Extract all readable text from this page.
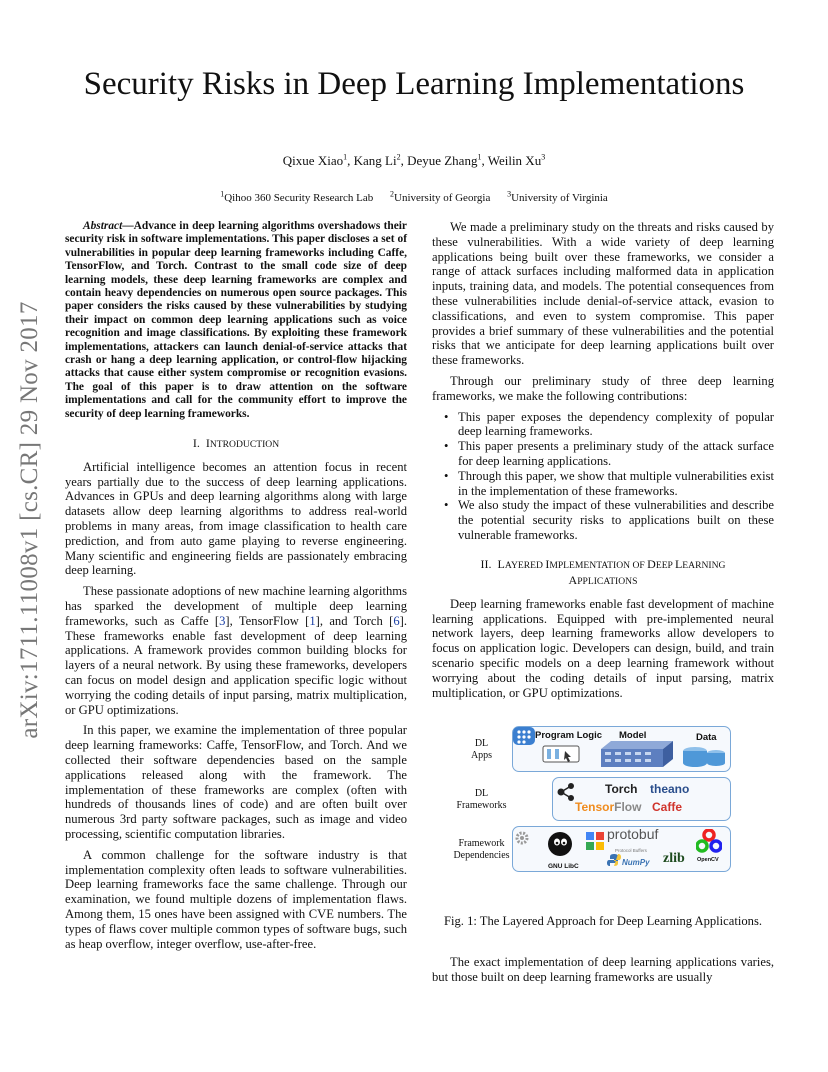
arXiv:1711.11008v1 [cs.CR] 29 Nov 2017
Security Risks in Deep Learning Implementations
Qixue Xiao$^1$, Kang Li$^2$, Deyue Zhang$^1$, Weilin Xu$^3$
$^1$Qihoo 360 Security Research Lab $^2$University of Georgia $^3$University of Virginia

Abstract—Advance in deep learning algorithms overshadows their security risk in software implementations. This paper discloses a set of vulnerabilities in popular deep learning frameworks including Caffe, TensorFlow, and Torch. Contrast to the small code size of deep learning models, these deep learning frameworks are complex and contain heavy dependencies on numerous open source packages. This paper considers the risks caused by these vulnerabilities by studying their impact on common deep learning applications such as voice recognition and image classifications. By exploiting these framework implementations, attackers can launch denial-of-service attacks that crash or hang a deep learning application, or control-flow hijacking attacks that cause either system compromise or recognition evasions. The goal of this paper is to draw attention on the software implementations and call for the community effort to improve the security of deep learning frameworks.

I. INTRODUCTION

Artificial intelligence becomes an attention focus in recent years partially due to the success of deep learning applications. Advances in GPUs and deep learning algorithms along with large datasets allow deep learning algorithms to address real-world problems in many areas, from image classification to health care prediction, and from auto game playing to reverse engineering. Many scientific and engineering fields are passionately embracing deep learning.

These passionate adoptions of new machine learning algorithms has sparked the development of multiple deep learning frameworks, such as Caffe [3], TensorFlow [1], and Torch [6]. These frameworks enable fast development of deep learning applications. A framework provides common building blocks for layers of a neural network. By using these frameworks, developers can focus on model design and application specific logic without worrying the coding details of input parsing, matrix multiplication, or GPU optimizations.

In this paper, we examine the implementation of three popular deep learning frameworks: Caffe, TensorFlow, and Torch. And we collected their software dependencies based on the sample applications released along with the framework. The implementation of these frameworks are complex (often with hundreds of thousands lines of code) and are often built over numerous 3rd party software packages, such as image and video processing, scientific computation libraries.

A common challenge for the software industry is that implementation complexity often leads to software vulnerabilities. Deep learning frameworks face the same challenge. Through our examination, we found multiple dozens of implementation flaws. Among them, 15 ones have been assigned with CVE numbers. The types of flaws cover multiple common types of software bugs, such as heap overflow, integer overflow, use-after-free.

We made a preliminary study on the threats and risks caused by these vulnerabilities. With a wide variety of deep learning applications being built over these frameworks, we consider a range of attack surfaces including malformed data in application inputs, training data, and models. The potential consequences from these vulnerabilities include denial-of-service attack, evasion to classifications, and even to system compromise. This paper provides a brief summary of these vulnerabilities and the potential risks that we anticipate for deep learning applications built over these frameworks.

Through our preliminary study of three deep learning frameworks, we make the following contributions:

• This paper exposes the dependency complexity of popular deep learning frameworks.
• This paper presents a preliminary study of the attack surface for deep learning applications.
• Through this paper, we show that multiple vulnerabilities exist in the implementation of these frameworks.
• We also study the impact of these vulnerabilities and describe the potential security risks to applications built on these vulnerable frameworks.
II. LAYERED IMPLEMENTATION OF DEEP LEARNING
APPLICATIONS

Deep learning frameworks enable fast development of machine learning applications. Equipped with pre-implemented neural network layers, deep learning frameworks allow developers to focus on application logic. Developers can design, build, and train scenario specific models on a deep learning framework without worrying about the coding details of input parsing, matrix multiplication, or GPU optimizations.

DL
Apps
DL
Frameworks
Framework
Dependencies
Program Logic Model	Data
Torch theano
TensorFlow Caffe
GNU LibC
protobuf
Protocol Buffers
NumPy zlib OpenCV

Fig. 1: The Layered Approach for Deep Learning Applications.

The exact implementation of deep learning applications varies, but those built on deep learning frameworks are usually
